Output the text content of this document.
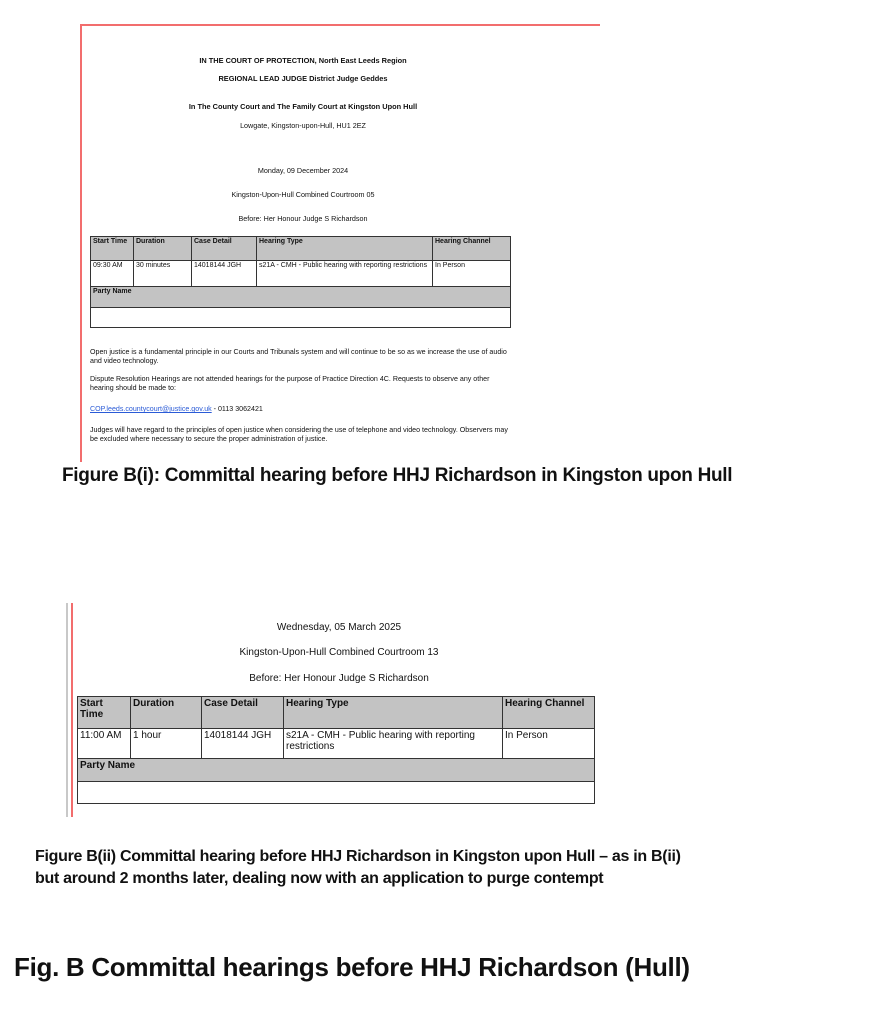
IN THE COURT OF PROTECTION, North East Leeds Region
REGIONAL LEAD JUDGE District Judge Geddes
In The County Court and The Family Court at Kingston Upon Hull
Lowgate, Kingston-upon-Hull, HU1 2EZ
Monday, 09 December 2024
Kingston-Upon-Hull Combined Courtroom 05
Before: Her Honour Judge S Richardson
Start Time	Duration	Case Detail	Hearing Type	Hearing Channel
09:30 AM	30 minutes	14018144 JGH	s21A - CMH - Public hearing with reporting restrictions	In Person
Party Name				

Open justice is a fundamental principle in our Courts and Tribunals system and will continue to be so as we increase the use of audio and video technology.
Dispute Resolution Hearings are not attended hearings for the purpose of Practice Direction 4C. Requests to observe any other hearing should be made to:
COP.leeds.countycourt@justice.gov.uk - 0113 3062421
Judges will have regard to the principles of open justice when considering the use of telephone and video technology. Observers may be excluded where necessary to secure the proper administration of justice.
Figure B(i): Committal hearing before HHJ Richardson in Kingston upon Hull
Wednesday, 05 March 2025
Kingston-Upon-Hull Combined Courtroom 13
Before: Her Honour Judge S Richardson
Start Time	Duration	Case Detail	Hearing Type	Hearing Channel
11:00 AM	1 hour	14018144 JGH	s21A - CMH - Public hearing with reporting restrictions	In Person
Party Name				

Figure B(ii) Committal hearing before HHJ Richardson in Kingston upon Hull – as in B(ii)
but around 2 months later, dealing now with an application to purge contempt
Fig. B Committal hearings before HHJ Richardson (Hull)
